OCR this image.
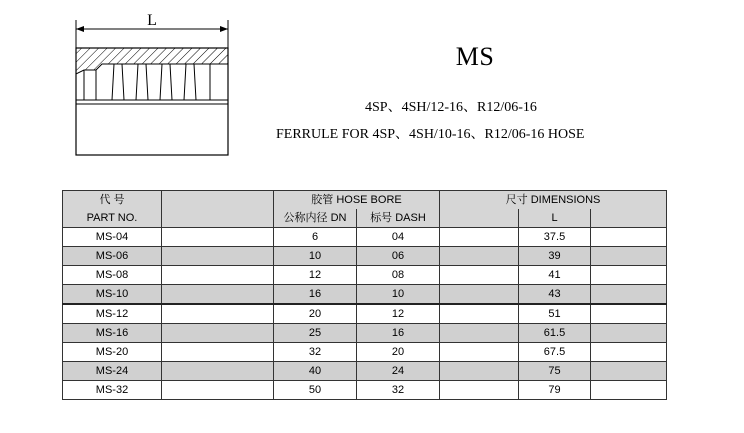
L
MS
4SP、4SH/12-16、R12/06-16
FERRULE FOR 4SP、4SH/10-16、R12/06-16 HOSE
代 号		胶管 HOSE BORE		尺寸 DIMENSIONS		
PART NO.		公称内径 DN	标号 DASH		L	
MS-04		6	04		37.5	
MS-06		10	06		39	
MS-08		12	08		41	
MS-10		16	10		43	
MS-12		20	12		51	
MS-16		25	16		61.5	
MS-20		32	20		67.5	
MS-24		40	24		75	
MS-32		50	32		79	
